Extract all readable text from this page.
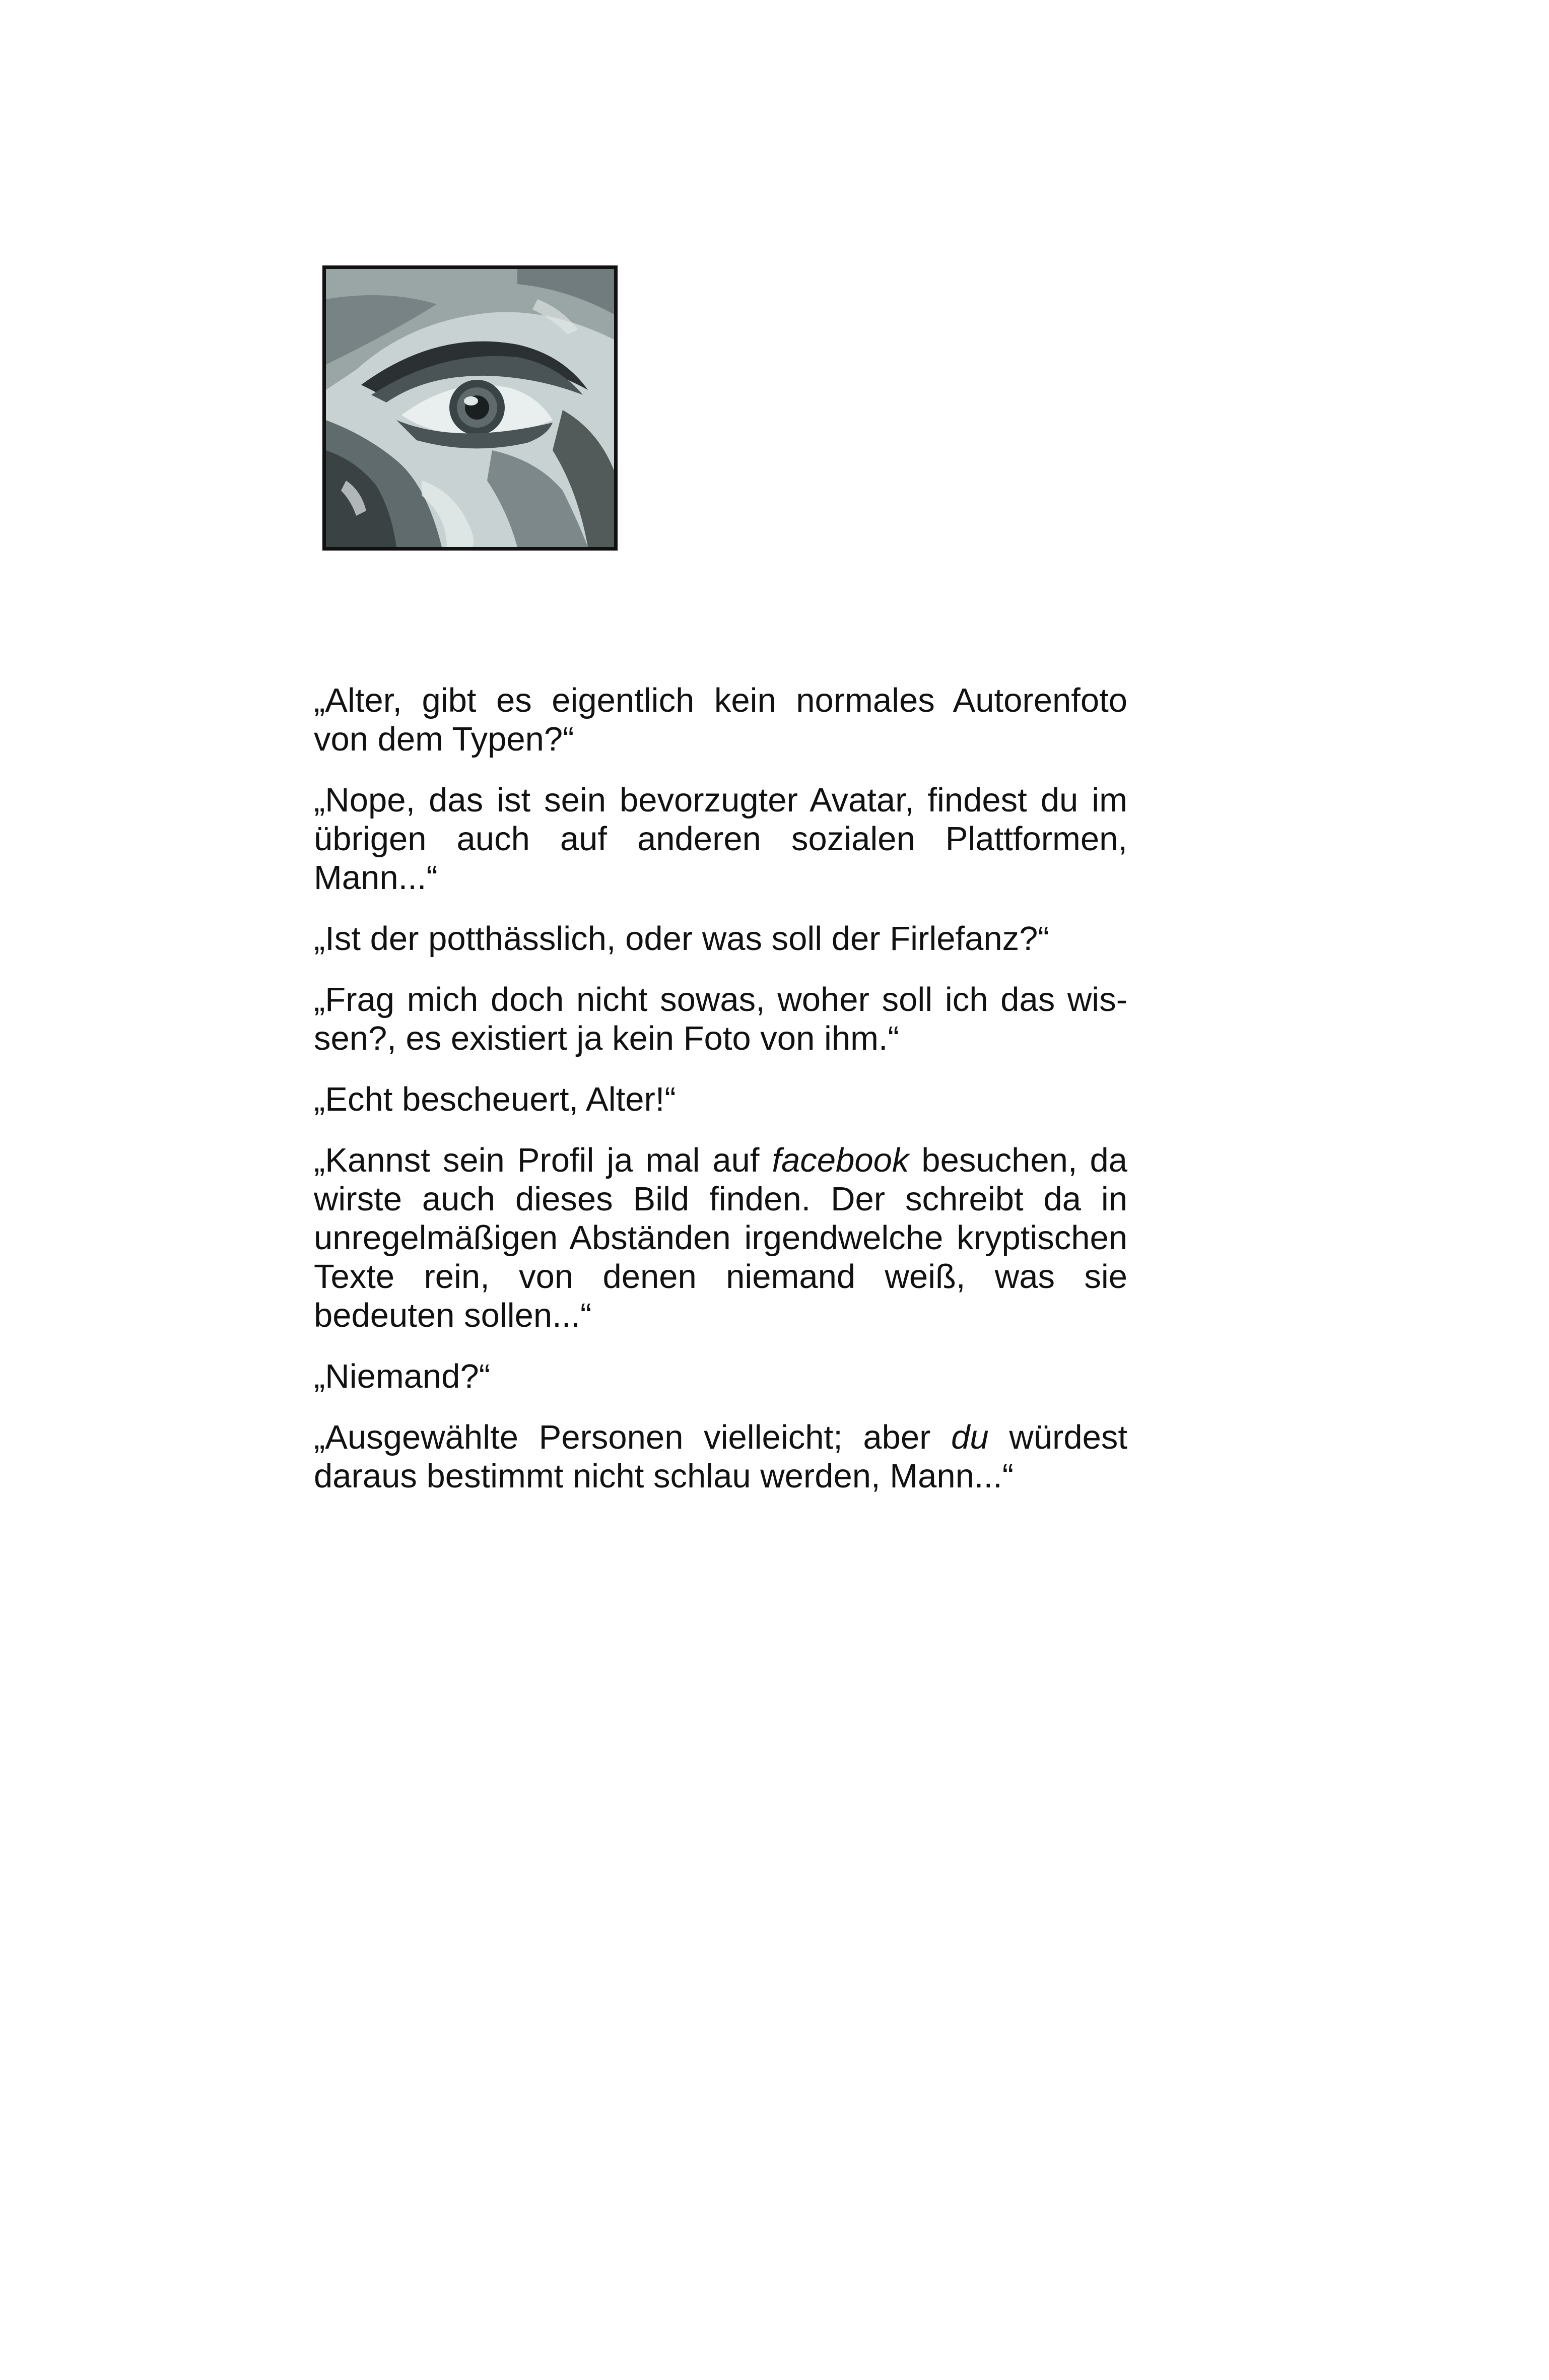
„Alter, gibt es eigentlich kein normales Autorenfoto von dem Typen?“

„Nope, das ist sein bevorzugter Avatar, findest du im übrigen auch auf anderen sozialen Plattformen, Mann...“

„Ist der potthässlich, oder was soll der Firlefanz?“

„Frag mich doch nicht sowas, woher soll ich das wissen?, es existiert ja kein Foto von ihm.“

„Echt bescheuert, Alter!“

„Kannst sein Profil ja mal auf facebook besuchen, da wirste auch dieses Bild finden. Der schreibt da in unregelmäßigen Abständen irgendwelche kryptischen Texte rein, von denen niemand weiß, was sie bedeuten sollen...“

„Niemand?“

„Ausgewählte Personen vielleicht; aber du würdest daraus bestimmt nicht schlau werden, Mann...“
